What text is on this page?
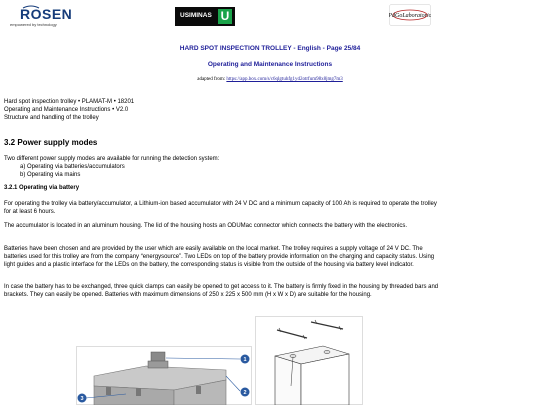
ROSEN
empowered by technology
USIMINAS U	PdGoLaboratorio
HARD SPOT INSPECTION TROLLEY - English - Page 25/84
Operating and Maintenance Instructions
adapted from: https://app.box.com/s/c6qlgtuhfg1yd2otrfum98x8jmg7m3
Hard spot inspection trolley • PLAMAT-M • 18201
Operating and Maintenance Instructions • V2.0
Structure and handling of the trolley
3.2 Power supply modes
Two different power supply modes are available for running the detection system:
a) Operating via batteries/accumulators
b) Operating via mains
3.2.1 Operating via battery
For operating the trolley via battery/accumulator, a Lithium-ion based accumulator with 24 V DC and a minimum capacity of 100 Ah is required to operate the trolley for at least 6 hours.
The accumulator is located in an aluminum housing. The lid of the housing hosts an ODUMac connector which connects the battery with the electronics.
Batteries have been chosen and are provided by the user which are easily available on the local market. The trolley requires a supply voltage of 24 V DC. The batteries used for this trolley are from the company “energysource”. Two LEDs on top of the battery provide information on the charging and capacity status. Using light guides and a plastic interface for the LEDs on the battery, the corresponding status is visible from the outside of the housing via battery level indicator.
In case the battery has to be exchanged, three quick clamps can easily be opened to get access to it. The battery is firmly fixed in the housing by threaded bars and brackets. They can easily be opened. Batteries with maximum dimensions of 250 x 225 x 500 mm (H x W x D) are suitable for the housing.
1
2
3
